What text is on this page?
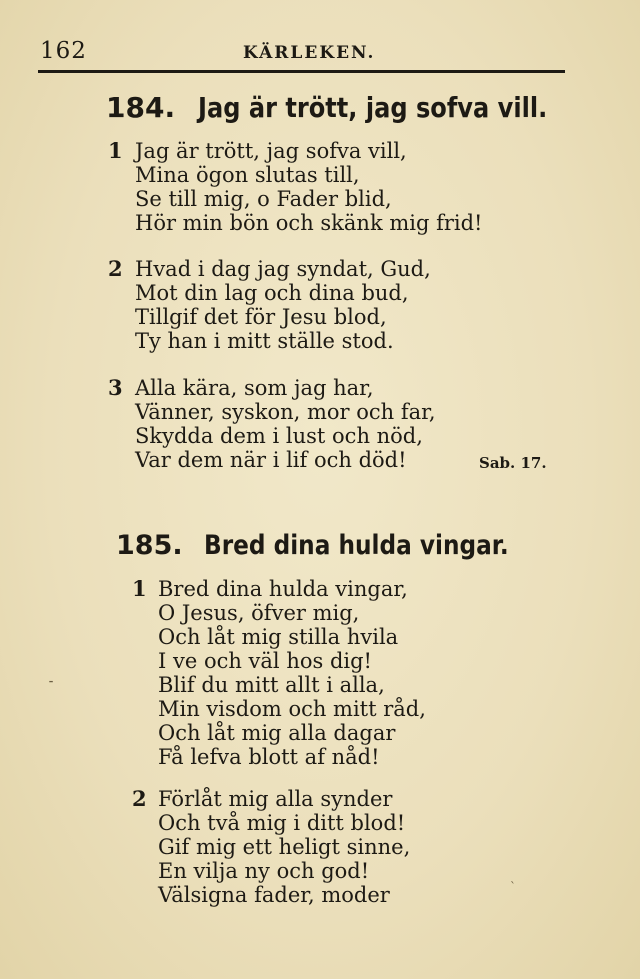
162	KÄRLEKEN.
184. Jag är trött, jag sofva vill.
1 Jag är trött, jag sofva vill,
Mina ögon slutas till,
Se till mig, o Fader blid,
Hör min bön och skänk mig frid!
2 Hvad i dag jag syndat, Gud,
Mot din lag och dina bud,
Tillgif det för Jesu blod,
Ty han i mitt ställe stod.
3 Alla kära, som jag har,
Vänner, syskon, mor och far,
Skydda dem i lust och nöd,
Var dem när i lif och död!	Sab. 17.
185. Bred dina hulda vingar.
1 Bred dina hulda vingar,
O Jesus, öfver mig,
Och låt mig stilla hvila
I ve och väl hos dig!
Blif du mitt allt i alla,
Min visdom och mitt råd,
Och låt mig alla dagar
Få lefva blott af nåd!
2 Förlåt mig alla synder
Och två mig i ditt blod!
Gif mig ett heligt sinne,
En vilja ny och god!
Välsigna fader, moder
⁃
ˋ
